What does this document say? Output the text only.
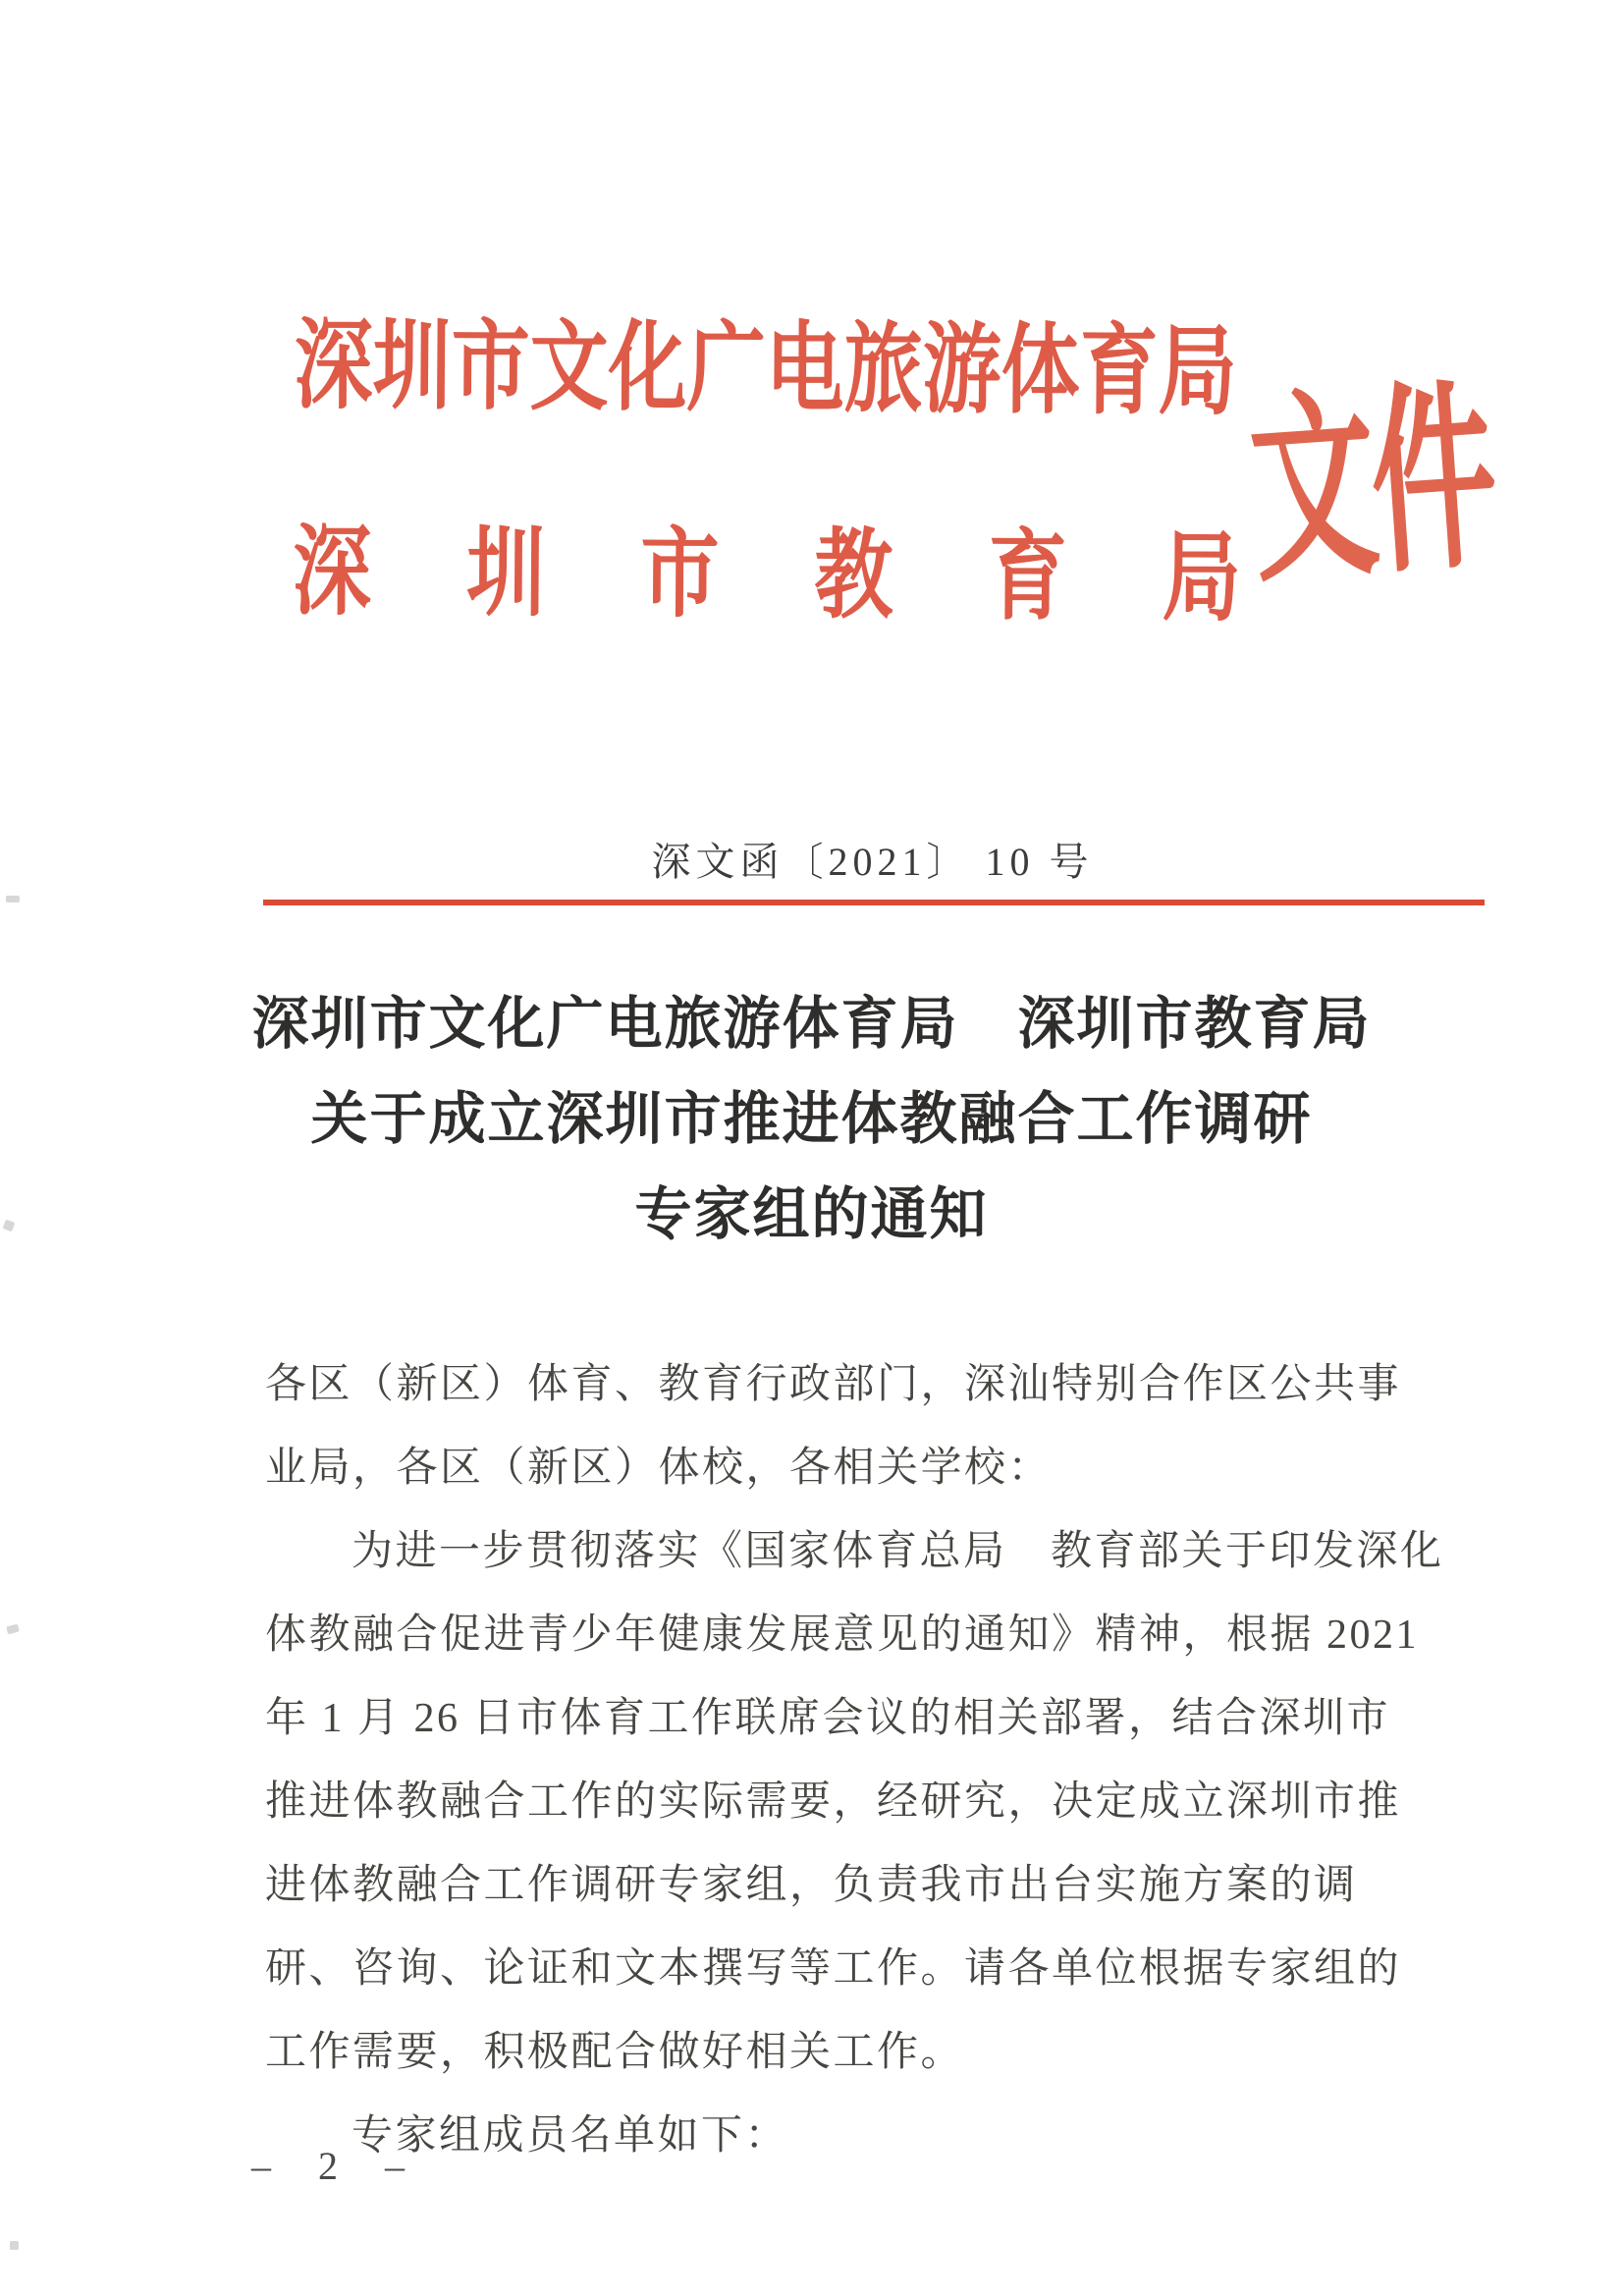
深圳市文化广电旅游体育局
深圳市教育局 文件
深文函〔2021〕 10 号
深圳市文化广电旅游体育局　深圳市教育局
关于成立深圳市推进体教融合工作调研
专家组的通知

各区（新区）体育、教育行政部门，深汕特别合作区公共事

业局，各区（新区）体校，各相关学校：

为进一步贯彻落实《国家体育总局　教育部关于印发深化

体教融合促进青少年健康发展意见的通知》精神，根据 2021

年 1 月 26 日市体育工作联席会议的相关部署，结合深圳市

推进体教融合工作的实际需要，经研究，决定成立深圳市推

进体教融合工作调研专家组，负责我市出台实施方案的调

研、咨询、论证和文本撰写等工作。请各单位根据专家组的

工作需要，积极配合做好相关工作。

专家组成员名单如下：

– 2 –
